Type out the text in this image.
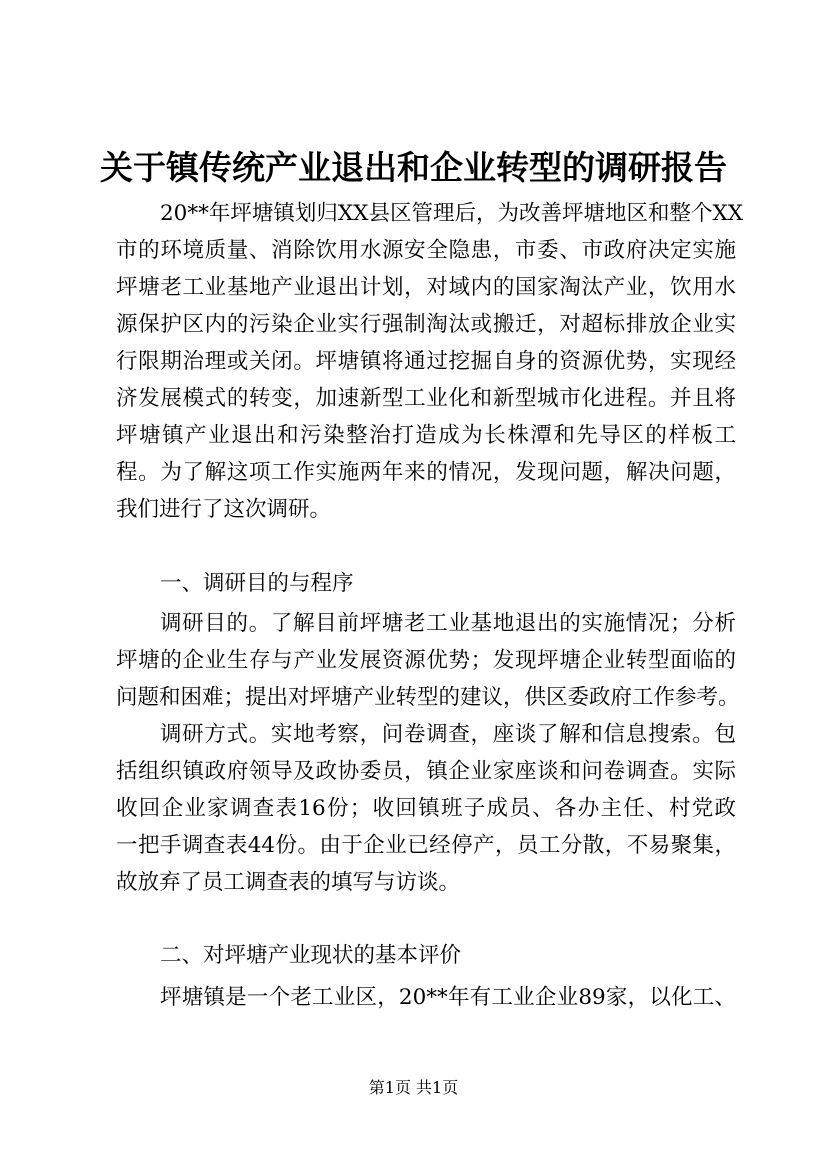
关于镇传统产业退出和企业转型的调研报告
20**年坪塘镇划归XX县区管理后，为改善坪塘地区和整个XX
市的环境质量、消除饮用水源安全隐患，市委、市政府决定实施
坪塘老工业基地产业退出计划，对域内的国家淘汰产业，饮用水
源保护区内的污染企业实行强制淘汰或搬迁，对超标排放企业实
行限期治理或关闭。坪塘镇将通过挖掘自身的资源优势，实现经
济发展模式的转变，加速新型工业化和新型城市化进程。并且将
坪塘镇产业退出和污染整治打造成为长株潭和先导区的样板工
程。为了解这项工作实施两年来的情况，发现问题，解决问题，
我们进行了这次调研。
一、调研目的与程序
调研目的。了解目前坪塘老工业基地退出的实施情况；分析
坪塘的企业生存与产业发展资源优势；发现坪塘企业转型面临的
问题和困难；提出对坪塘产业转型的建议，供区委政府工作参考。
调研方式。实地考察，问卷调查，座谈了解和信息搜索。包
括组织镇政府领导及政协委员，镇企业家座谈和问卷调查。实际
收回企业家调查表16份；收回镇班子成员、各办主任、村党政
一把手调查表44份。由于企业已经停产，员工分散，不易聚集，
故放弃了员工调查表的填写与访谈。
二、对坪塘产业现状的基本评价
坪塘镇是一个老工业区，20**年有工业企业89家，以化工、
第1页 共1页
